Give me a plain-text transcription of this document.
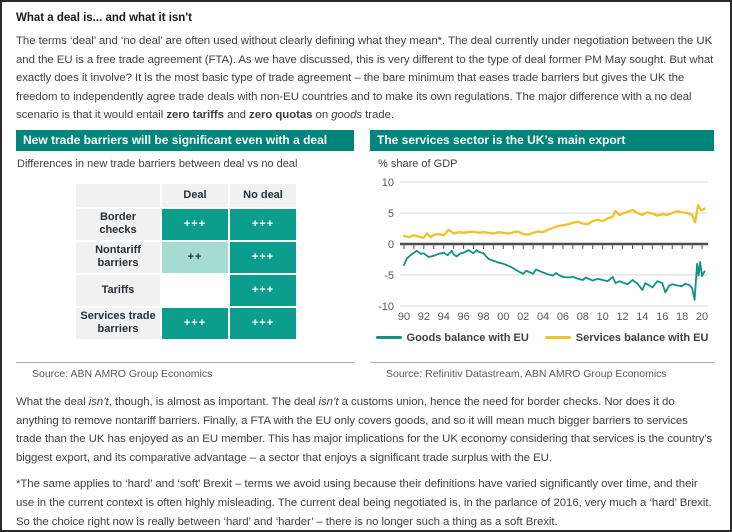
What a deal is... and what it isn't

The terms ‘deal’ and ‘no deal’ are often used without clearly defining what they mean*. The deal currently under negotiation between the UK and the EU is a free trade agreement (FTA). As we have discussed, this is very different to the type of deal former PM May sought. But what exactly does it involve? It is the most basic type of trade agreement – the bare minimum that eases trade barriers but gives the UK the freedom to independently agree trade deals with non-EU countries and to make its own regulations. The major difference with a no deal scenario is that it would entail zero tariffs and zero quotas on goods trade.

New trade barriers will be significant even with a deal
Differences in new trade barriers between deal vs no deal
	Deal	No deal
Border checks	+++	+++
Nontariff barriers	++	+++
Tariffs		+++
Services trade barriers	+++	+++
Source: ABN AMRO Group Economics
The services sector is the UK’s main export
% share of GDP
10
5
0
-5
-10
90 92 94 96 98 00 02 04 06 08 10 12 14 16 18 20
Goods balance with EU	Services balance with EU
Source: Refinitiv Datastream, ABN AMRO Group Economics

What the deal isn’t, though, is almost as important. The deal isn’t a customs union, hence the need for border checks. Nor does it do anything to remove nontariff barriers. Finally, a FTA with the EU only covers goods, and so it will mean much bigger barriers to services trade than the UK has enjoyed as an EU member. This has major implications for the UK economy considering that services is the country’s biggest export, and its comparative advantage – a sector that enjoys a significant trade surplus with the EU.

*The same applies to ‘hard’ and ‘soft’ Brexit – terms we avoid using because their definitions have varied significantly over time, and their use in the current context is often highly misleading. The current deal being negotiated is, in the parlance of 2016, very much a ‘hard’ Brexit. So the choice right now is really between ‘hard’ and ‘harder’ – there is no longer such a thing as a soft Brexit.
